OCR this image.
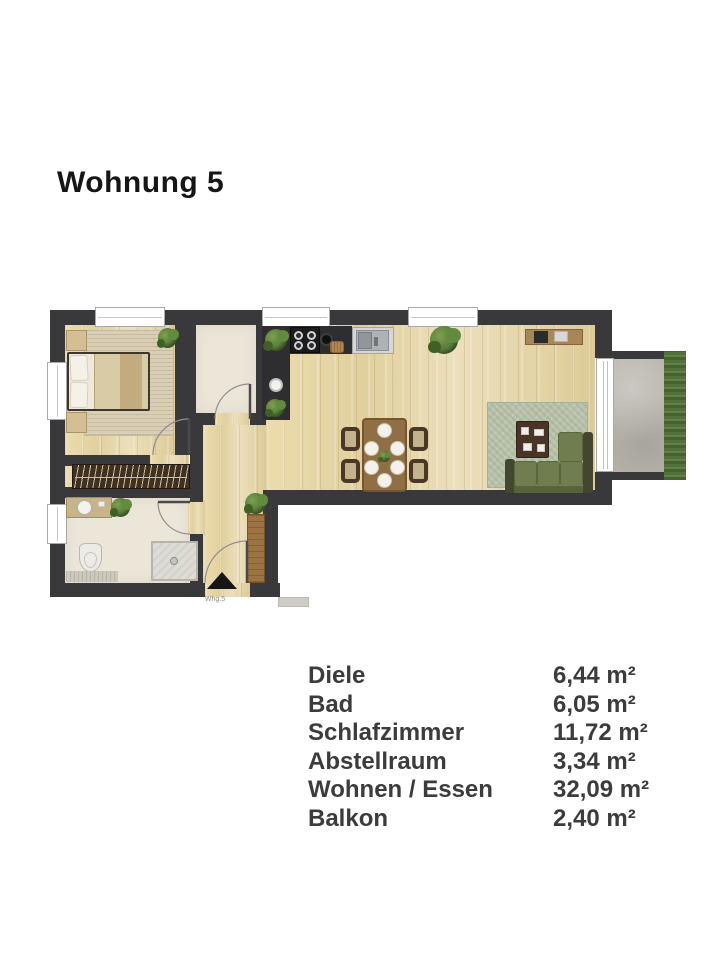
Wohnung 5
Whg.5
Diele	6,44 m²
Bad	6,05 m²
Schlafzimmer	11,72 m²
Abstellraum	3,34 m²
Wohnen / Essen	32,09 m²
Balkon	2,40 m²
